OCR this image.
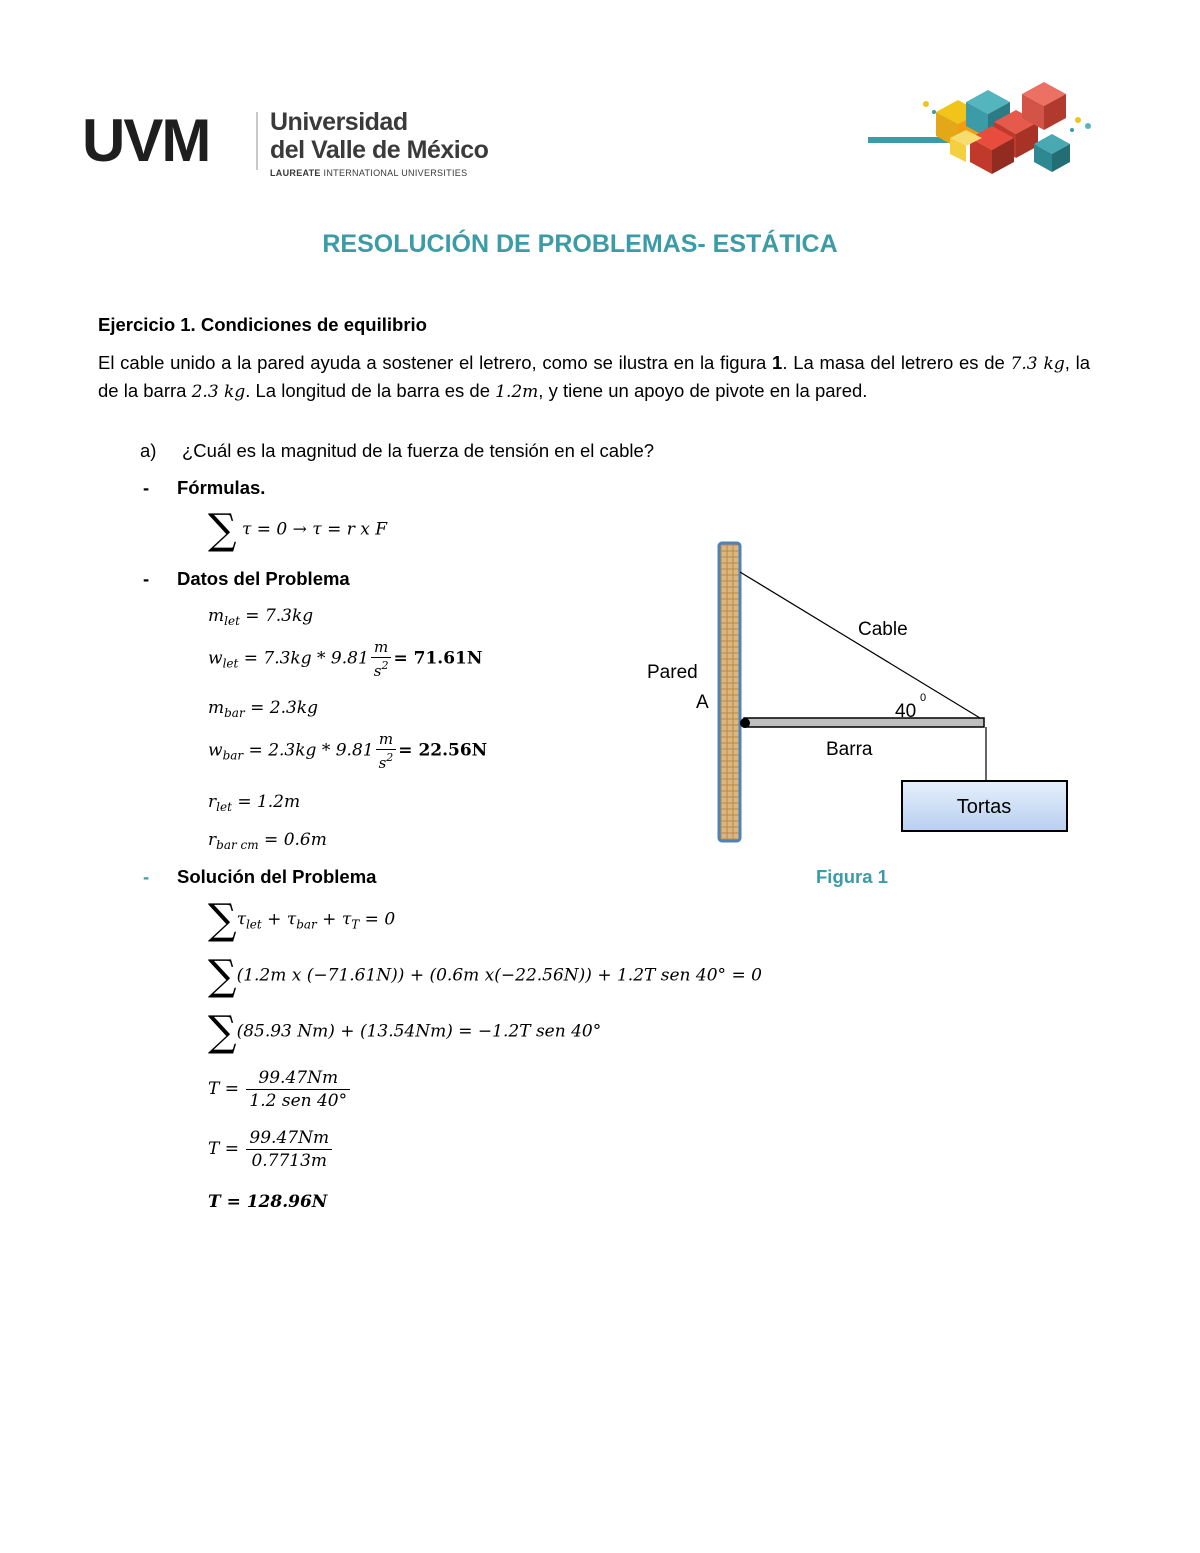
UVM Universidad
del Valle de México
LAUREATE INTERNATIONAL UNIVERSITIES
RESOLUCIÓN DE PROBLEMAS- ESTÁTICA
Ejercicio 1. Condiciones de equilibrio
El cable unido a la pared ayuda a sostener el letrero, como se ilustra en la figura 1. La masa del letrero es de 7.3 kg, la de la barra 2.3 kg. La longitud de la barra es de 1.2m, y tiene un apoyo de pivote en la pared.
a) ¿Cuál es la magnitud de la fuerza de tensión en el cable?
- Fórmulas.
∑ τ = 0 → τ = r x F
- Datos del Problema
$m_{let} = 7.3kg$
$w_{let} = 7.3kg * 9.81 \frac{m}{s^2} = 71.61N$
$m_{bar} = 2.3kg$
$w_{bar} = 2.3kg * 9.81 \frac{m}{s^2} = 22.56N$
$r_{let} = 1.2m$
$r_{bar cm} = 0.6m$
- Solución del Problema
$\sum\tau_{let} + \tau_{bar} + \tau_T = 0$
∑(1.2m x (−71.61N)) + (0.6m x(−22.56N)) + 1.2T sen 40° = 0
∑(85.93 Nm) + (13.54Nm) = −1.2T sen 40°
$T = \frac{99.47Nm}{\text{1.2 sen 40°}}$
$T = \frac{99.47Nm}{0.7713m}$
T = 128.96N
Pared
A
Cable
40
0
Barra
Tortas
Figura 1
